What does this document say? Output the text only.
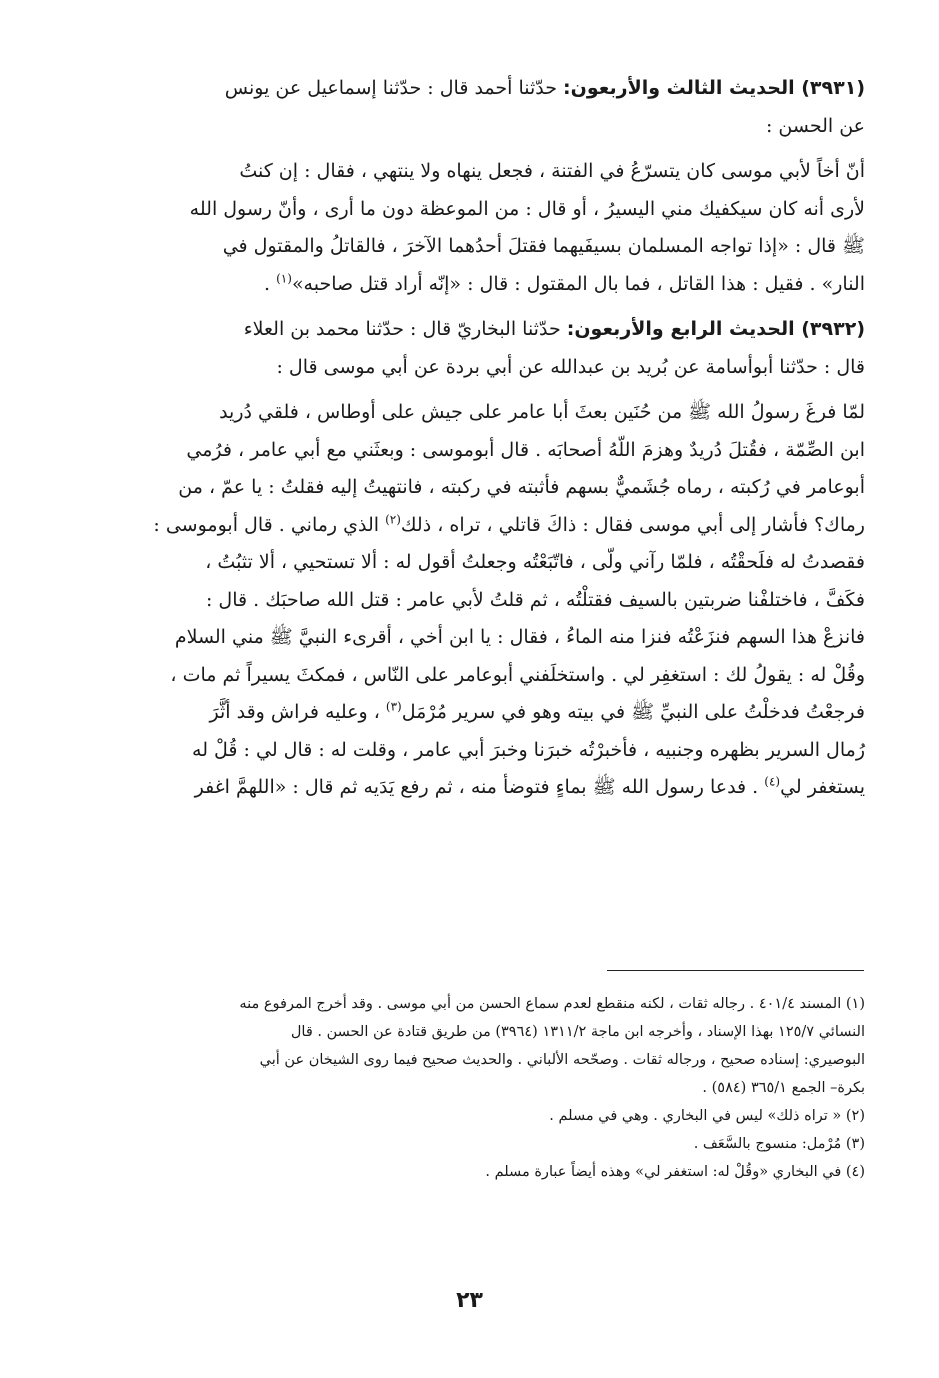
(٣٩٣١) الحديث الثالث والأربعون: حدّثنا أحمد قال : حدّثنا إسماعيل عن يونس
عن الحسن :
أنّ أخاً لأبي موسى كان يتسرّعُ في الفتنة ، فجعل ينهاه ولا ينتهي ، فقال : إن كنتُ
لأرى أنه كان سيكفيك مني اليسيرُ ، أو قال : من الموعظة دون ما أرى ، وأنّ رسول الله
ﷺ قال : «إذا تواجه المسلمان بسيفَيهما فقتلَ أحدُهما الآخرَ ، فالقاتلُ والمقتول في
النار» . فقيل : هذا القاتل ، فما بال المقتول : قال : «إنّه أراد قتل صاحبه»$^{(١)}$ .
(٣٩٣٢) الحديث الرابع والأربعون: حدّثنا البخاريّ قال : حدّثنا محمد بن العلاء
قال : حدّثنا أبوأسامة عن بُريد بن عبدالله عن أبي بردة عن أبي موسى قال :
لمّا فرغَ رسولُ الله ﷺ من حُنَين بعثَ أبا عامر على جيش على أوطاس ، فلقي دُريد
ابن الصِّمّة ، فقُتلَ دُريدٌ وهزمَ اللّهُ أصحابَه . قال أبوموسى : وبعثَني مع أبي عامر ، فرُمي
أبوعامر في رُكبته ، رماه جُشَميٌّ بسهم فأثبته في ركبته ، فانتهيتُ إليه فقلتُ : يا عمّ ، من
رماك؟ فأشار إلى أبي موسى فقال : ذاكَ قاتلي ، تراه ، ذلك$^{(٢)}$ الذي رماني . قال أبوموسى :
فقصدتُ له فلَحقْتُه ، فلمّا رآني ولّى ، فاتّبَعْتُه وجعلتُ أقول له : ألا تستحيي ، ألا تثبُتُ ،
فكَفَّ ، فاختلفْنا ضربتين بالسيف فقتلْتُه ، ثم قلتُ لأبي عامر : قتل الله صاحبَك . قال :
فانزعْ هذا السهم فنزَعْتُه فنزا منه الماءُ ، فقال : يا ابن أخي ، أقرىء النبيَّ ﷺ مني السلام
وقُلْ له : يقولُ لك : استغفِر لي . واستخلَفني أبوعامر على النّاس ، فمكثَ يسيراً ثم مات ،
فرجعْتُ فدخلْتُ على النبيِّ ﷺ في بيته وهو في سرير مُرْمَل$^{(٣)}$ ، وعليه فراش وقد أثَّرَ
رُمال السرير بظهره وجنبيه ، فأخبرْتُه خبرَنا وخبرَ أبي عامر ، وقلت له : قال لي : قُلْ له
يستغفر لي$^{(٤)}$ . فدعا رسول الله ﷺ بماءٍ فتوضأ منه ، ثم رفع يَدَيه ثم قال : «اللهمَّ اغفر
(١) المسند ٤٠١/٤ . رجاله ثقات ، لكنه منقطع لعدم سماع الحسن من أبي موسى . وقد أخرج المرفوع منه
النسائي ١٢٥/٧ بهذا الإسناد ، وأخرجه ابن ماجة ١٣١١/٢ (٣٩٦٤) من طريق قتادة عن الحسن . قال
البوصيري: إسناده صحيح ، ورجاله ثقات . وصحّحه الألباني . والحديث صحيح فيما روى الشيخان عن أبي
بكرة– الجمع ٣٦٥/١ (٥٨٤) .
(٢) « تراه ذلك» ليس في البخاري . وهي في مسلم .
(٣) مُرْمل: منسوج بالسَّعَف .
(٤) في البخاري «وقُلْ له: استغفر لي» وهذه أيضاً عبارة مسلم .
٢٣
